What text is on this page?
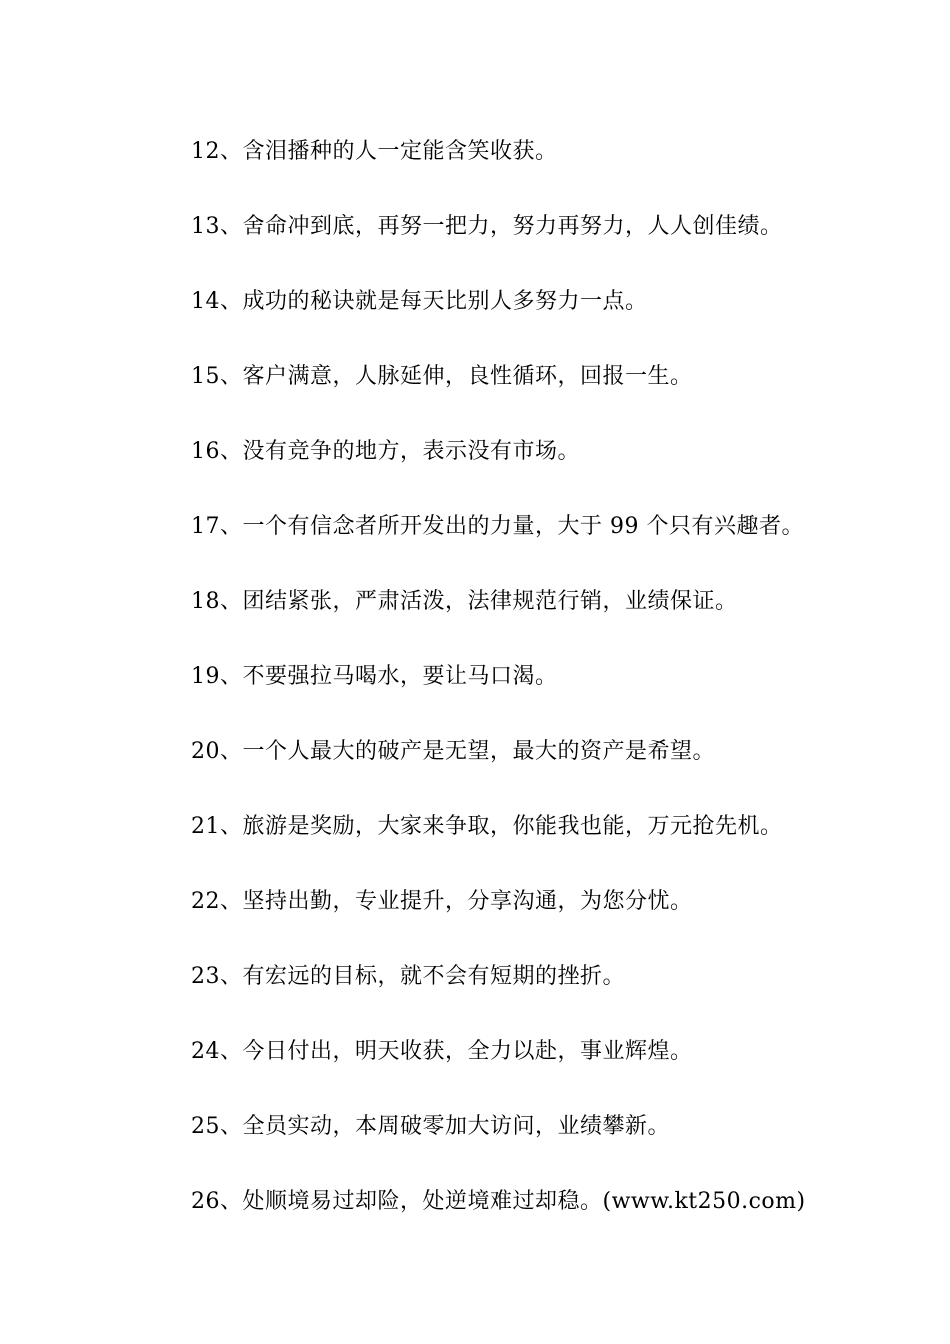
12、含泪播种的人一定能含笑收获。
13、舍命冲到底，再努一把力，努力再努力，人人创佳绩。
14、成功的秘诀就是每天比别人多努力一点。
15、客户满意，人脉延伸，良性循环，回报一生。
16、没有竞争的地方，表示没有市场。
17、一个有信念者所开发出的力量，大于 99 个只有兴趣者。
18、团结紧张，严肃活泼，法律规范行销，业绩保证。
19、不要强拉马喝水，要让马口渴。
20、一个人最大的破产是无望，最大的资产是希望。
21、旅游是奖励，大家来争取，你能我也能，万元抢先机。
22、坚持出勤，专业提升，分享沟通，为您分忧。
23、有宏远的目标，就不会有短期的挫折。
24、今日付出，明天收获，全力以赴，事业辉煌。
25、全员实动，本周破零加大访问，业绩攀新。
26、处顺境易过却险，处逆境难过却稳。(www.kt250.com)
